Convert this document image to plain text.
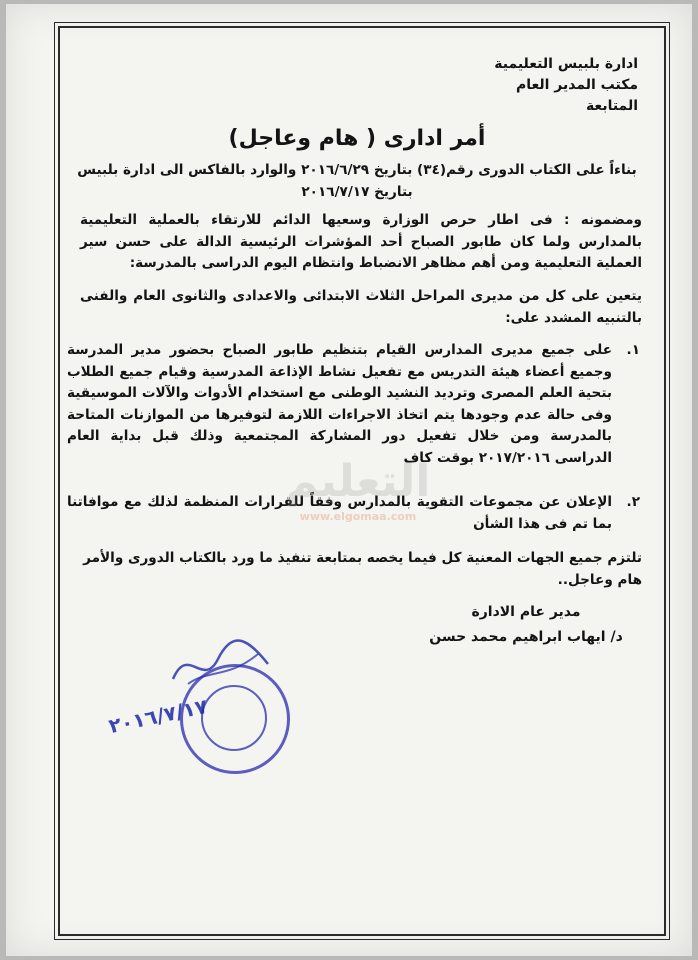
ادارة بلبيس التعليمية
مكتب المدير العام
المتابعة
أمر ادارى ( هام وعاجل)
بناءاً على الكتاب الدورى رقم(٣٤) بتاريخ ٢٠١٦/٦/٢٩ والوارد بالفاكس الى ادارة بلبيس بتاريخ ٢٠١٦/٧/١٧
ومضمونه : فى اطار حرص الوزارة وسعيها الدائم للارتقاء بالعملية التعليمية بالمدارس ولما كان طابور الصباح أحد المؤشرات الرئيسية الدالة على حسن سير العملية التعليمية ومن أهم مظاهر الانضباط وانتظام اليوم الدراسى بالمدرسة:
يتعين على كل من مديرى المراحل الثلاث الابتدائى والاعدادى والثانوى العام والفنى بالتنبيه المشدد على:
١.
على جميع مديرى المدارس القيام بتنظيم طابور الصباح بحضور مدير المدرسة وجميع أعضاء هيئة التدريس مع تفعيل نشاط الإذاعة المدرسية وقيام جميع الطلاب بتحية العلم المصرى وترديد النشيد الوطنى مع استخدام الأدوات والآلات الموسيقية وفى حالة عدم وجودها يتم اتخاذ الاجراءات اللازمة لتوفيرها من الموازنات المتاحة بالمدرسة ومن خلال تفعيل دور المشاركة المجتمعية وذلك قبل بداية العام الدراسى ٢٠١٧/٢٠١٦ بوقت كاف
٢.
الإعلان عن مجموعات التقوية بالمدارس وفقاً للقرارات المنظمة لذلك مع موافاتنا بما تم فى هذا الشأن
تلتزم جميع الجهات المعنية كل فيما يخصه بمتابعة تنفيذ ما ورد بالكتاب الدورى والأمر هام وعاجل..
مدير عام الادارة
د/ ايهاب ابراهيم محمد حسن
٢٠١٦/٧/١٧
التعليم
www.elgomaa.com
